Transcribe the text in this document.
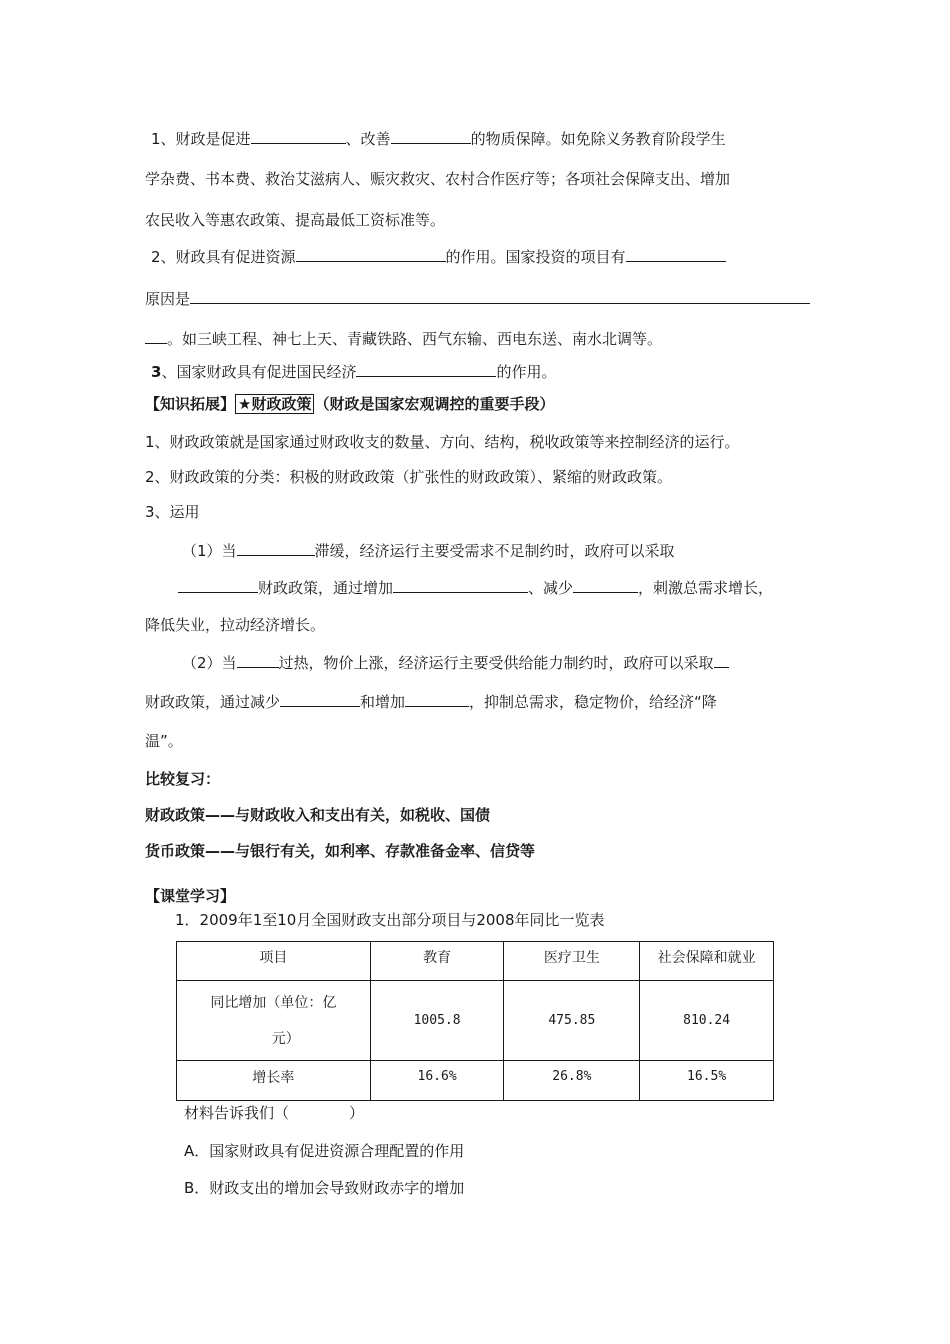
1、财政是促进	、改善	的物质保障。如免除义务教育阶段学生
学杂费、书本费、救治艾滋病人、赈灾救灾、农村合作医疗等；各项社会保障支出、增加
农民收入等惠农政策、提高最低工资标准等。
2、财政具有促进资源	的作用。国家投资的项目有
原因是
。如三峡工程、神七上天、青藏铁路、西气东输、西电东送、南水北调等。
3、国家财政具有促进国民经济	的作用。
【知识拓展】 ★财政政策 （财政是国家宏观调控的重要手段）
1、财政政策就是国家通过财政收支的数量、方向、结构，税收政策等来控制经济的运行。
2、财政政策的分类：积极的财政政策（扩张性的财政政策）、紧缩的财政政策。
3、运用
（1）当	滞缓，经济运行主要受需求不足制约时，政府可以采取
财政政策，通过增加	、减少	，刺激总需求增长，
降低失业，拉动经济增长。
（2）当	过热，物价上涨，经济运行主要受供给能力制约时，政府可以采取
财政政策，通过减少	和增加	，抑制总需求，稳定物价，给经济“降
温”。
比较复习：
财政政策——与财政收入和支出有关，如税收、国债
货币政策——与银行有关，如利率、存款准备金率、信贷等
【课堂学习】
1．2009年1至10月全国财政支出部分项目与2008年同比一览表
项目	教育	医疗卫生	社会保障和就业

同比增加（单位：亿
元）	1005.8	475.85	810.24
增长率	16.6%	26.8%	16.5%
材料告诉我们（　　　　）
A．国家财政具有促进资源合理配置的作用
B．财政支出的增加会导致财政赤字的增加
